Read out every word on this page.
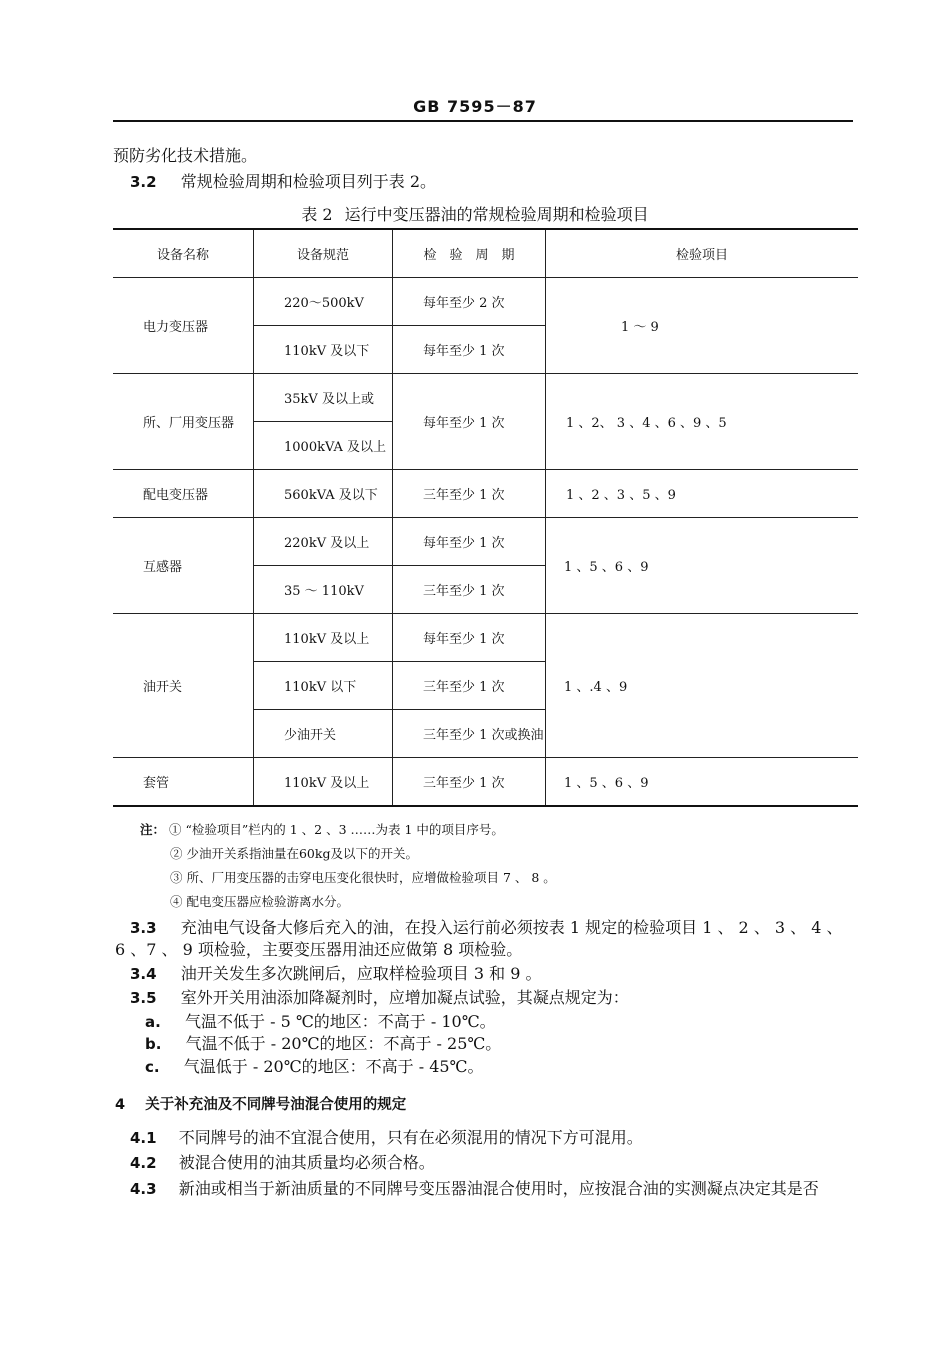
GB 7595－87
预防劣化技术措施。
3.2 常规检验周期和检验项目列于表 2。
表 2 运行中变压器油的常规检验周期和检验项目
设备名称	设备规范	检　验　周　期	检验项目
电力变压器	220～500kV	每年至少 2 次	1 ～ 9
	110kV 及以下	每年至少 1 次	
所、厂用变压器	35kV 及以上或	每年至少 1 次	1 、2、 3 、4 、6 、9 、5
	1000kVA 及以上		
配电变压器	560kVA 及以下	三年至少 1 次	1 、2 、3 、5 、9
互感器	220kV 及以上	每年至少 1 次	1 、5 、6 、9
	35 ～ 110kV	三年至少 1 次	
油开关	110kV 及以上	每年至少 1 次	1 、.4 、9
	110kV 以下	三年至少 1 次	
	少油开关	三年至少 1 次或换油	
套管	110kV 及以上	三年至少 1 次	1 、5 、6 、9
注： ① “检验项目”栏内的 1 、2 、3 ……为表 1 中的项目序号。
② 少油开关系指油量在60kg及以下的开关。
③ 所、厂用变压器的击穿电压变化很快时，应增做检验项目 7 、 8 。
④ 配电变压器应检验游离水分。
3.3 充油电气设备大修后充入的油，在投入运行前必须按表 1 规定的检验项目 1 、 2 、 3 、 4 、
6 、7 、 9 项检验，主要变压器用油还应做第 8 项检验。
3.4 油开关发生多次跳闸后，应取样检验项目 3 和 9 。
3.5 室外开关用油添加降凝剂时，应增加凝点试验，其凝点规定为：
a. 气温不低于 - 5 ℃的地区：不高于 - 10℃。
b. 气温不低于 - 20℃的地区：不高于 - 25℃。
c. 气温低于 - 20℃的地区：不高于 - 45℃。
4 关于补充油及不同牌号油混合使用的规定
4.1 不同牌号的油不宜混合使用，只有在必须混用的情况下方可混用。
4.2 被混合使用的油其质量均必须合格。
4.3 新油或相当于新油质量的不同牌号变压器油混合使用时，应按混合油的实测凝点决定其是否
